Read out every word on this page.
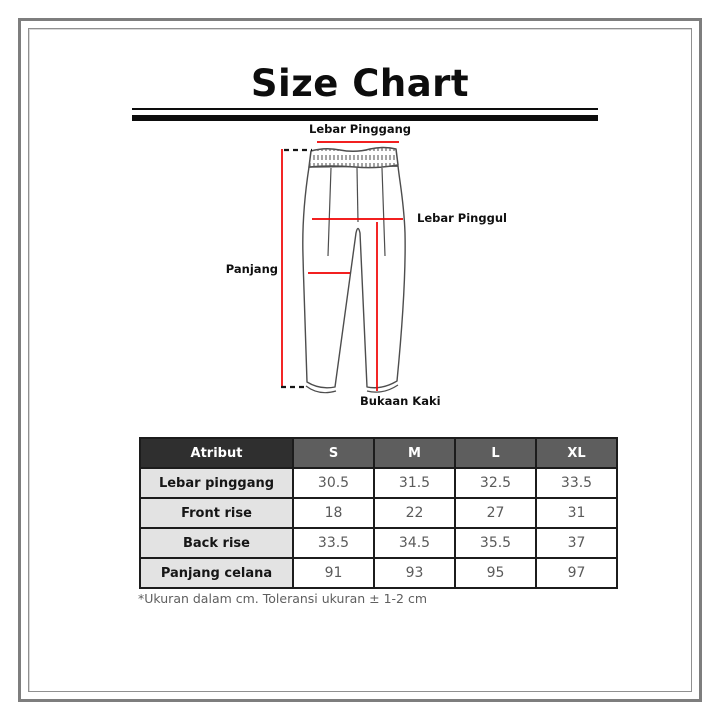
Size Chart
Lebar Pinggang
Lebar Pinggul
Panjang
Bukaan Kaki
Atribut	S	M	L	XL
Lebar pinggang	30.5	31.5	32.5	33.5
Front rise	18	22	27	31
Back rise	33.5	34.5	35.5	37
Panjang celana	91	93	95	97
*Ukuran dalam cm. Toleransi ukuran ± 1-2 cm
